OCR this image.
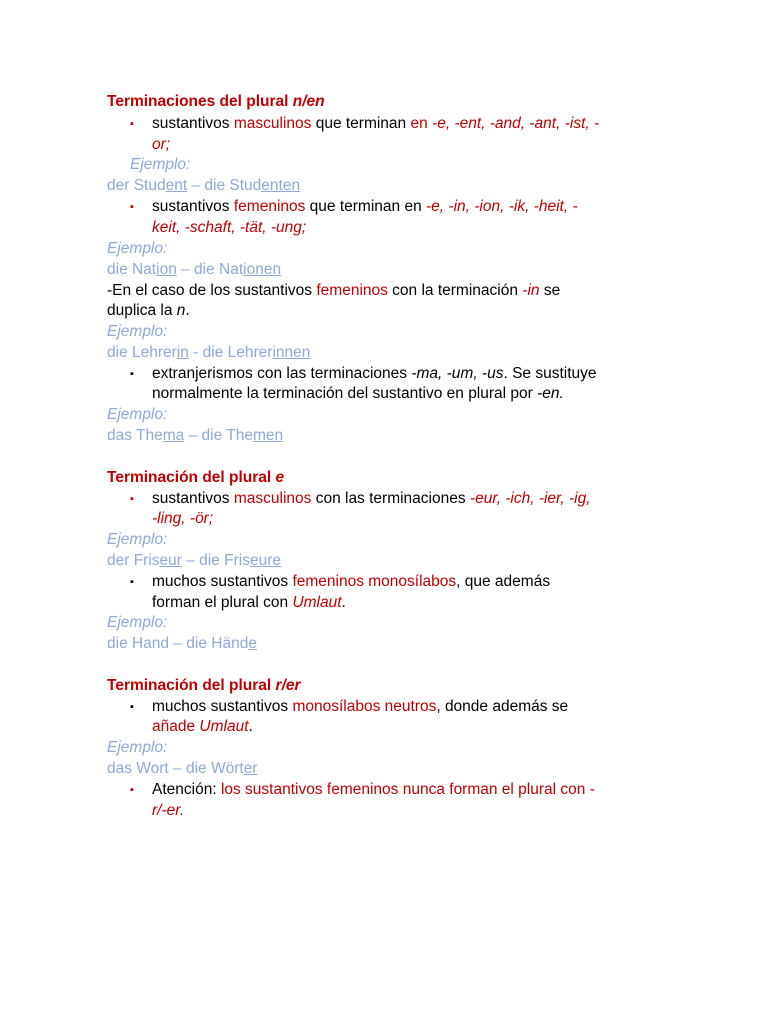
Terminaciones del plural n/en
▪ sustantivos masculinos que terminan en -e, -ent, -and, -ant, -ist, -
or;
Ejemplo:
der Student – die Studenten
▪ sustantivos femeninos que terminan en -e, -in, -ion, -ik, -heit, -
keit, -schaft, -tät, -ung;
Ejemplo:
die Nation – die Nationen
-En el caso de los sustantivos femeninos con la terminación -in se
duplica la n.
Ejemplo:
die Lehrerin - die Lehrerinnen
▪ extranjerismos con las terminaciones -ma, -um, -us. Se sustituye
normalmente la terminación del sustantivo en plural por -en.
Ejemplo:
das Thema – die Themen
Terminación del plural e
▪ sustantivos masculinos con las terminaciones -eur, -ich, -ier, -ig,
-ling, -ör;
Ejemplo:
der Friseur – die Friseure
▪ muchos sustantivos femeninos monosílabos, que además
forman el plural con Umlaut.
Ejemplo:
die Hand – die Hände
Terminación del plural r/er
▪ muchos sustantivos monosílabos neutros, donde además se
añade Umlaut.
Ejemplo:
das Wort – die Wörter
▪ Atención: los sustantivos femeninos nunca forman el plural con -
r/-er.
